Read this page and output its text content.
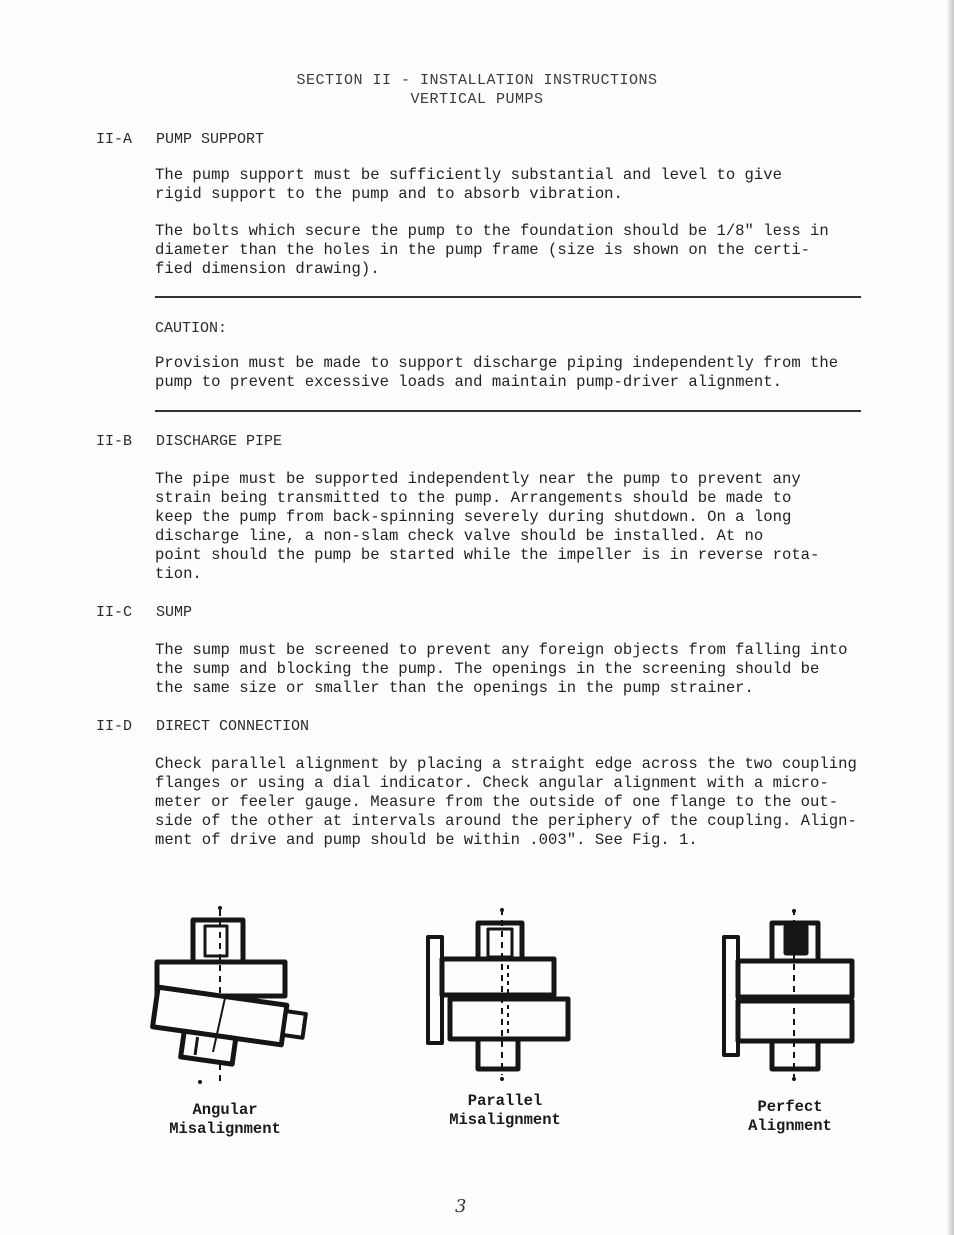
SECTION II - INSTALLATION INSTRUCTIONS
VERTICAL PUMPS
II-A PUMP SUPPORT
The pump support must be sufficiently substantial and level to give
rigid support to the pump and to absorb vibration.
The bolts which secure the pump to the foundation should be 1/8" less in
diameter than the holes in the pump frame (size is shown on the certi-
fied dimension drawing).
CAUTION:
Provision must be made to support discharge piping independently from the
pump to prevent excessive loads and maintain pump-driver alignment.
II-B DISCHARGE PIPE
The pipe must be supported independently near the pump to prevent any
strain being transmitted to the pump. Arrangements should be made to
keep the pump from back-spinning severely during shutdown. On a long
discharge line, a non-slam check valve should be installed. At no
point should the pump be started while the impeller is in reverse rota-
tion.
II-C SUMP
The sump must be screened to prevent any foreign objects from falling into
the sump and blocking the pump. The openings in the screening should be
the same size or smaller than the openings in the pump strainer.
II-D DIRECT CONNECTION
Check parallel alignment by placing a straight edge across the two coupling
flanges or using a dial indicator. Check angular alignment with a micro-
meter or feeler gauge. Measure from the outside of one flange to the out-
side of the other at intervals around the periphery of the coupling. Align-
ment of drive and pump should be within .003". See Fig. 1.
Angular
Misalignment
Parallel
Misalignment
Perfect
Alignment
3
